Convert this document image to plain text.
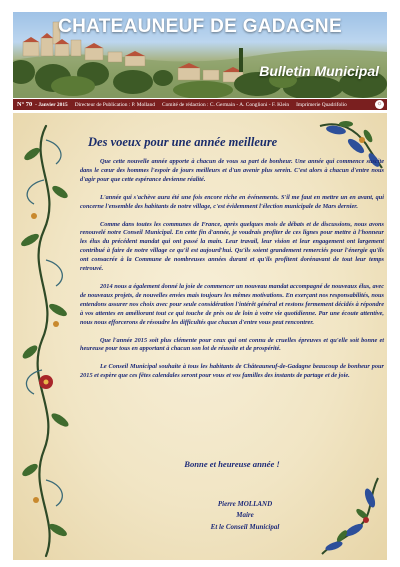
CHATEAUNEUF DE GADAGNE
Bulletin Municipal
N° 70 - Janvier 2015 Directeur de Publication : P. Molland Comité de rédaction : C. Germain - A. Conglioni - F. Klein Imprimerie Quadrifolio	☼
Des voeux pour une année meilleure

Que cette nouvelle année apporte à chacun de vous sa part de bonheur. Une année qui commence suscite dans le cœur des hommes l'espoir de jours meilleurs et d'un avenir plus serein. C'est alors à chacun d'entre nous d'agir pour que cette espérance devienne réalité.

L'année qui s'achève aura été une fois encore riche en événements. S'il me faut en mettre un en avant, qui concerne l'ensemble des habitants de notre village, c'est évidemment l'élection municipale de Mars dernier.

Comme dans toutes les communes de France, après quelques mois de débats et de discussions, nous avons renouvelé notre Conseil Municipal. En cette fin d'année, je voudrais profiter de ces lignes pour mettre à l'honneur les élus du précédent mandat qui ont passé la main. Leur travail, leur vision et leur engagement ont largement contribué à faire de notre village ce qu'il est aujourd'hui. Qu'ils soient grandement remerciés pour l'énergie qu'ils ont consacrée à la Commune de nombreuses années durant et qu'ils profitent dorénavant de tout leur temps retrouvé.

2014 nous a également donné la joie de commencer un nouveau mandat accompagné de nouveaux élus, avec de nouveaux projets, de nouvelles envies mais toujours les mêmes motivations. En exerçant nos responsabilités, nous entendons assurer nos choix avec pour seule considération l'intérêt général et restons fermement décidés à répondre à vos attentes en améliorant tout ce qui touche de près ou de loin à votre vie quotidienne. Par une écoute attentive, nous nous efforcerons de résoudre les difficultés que chacun d'entre vous peut rencontrer.

Que l'année 2015 soit plus clémente pour ceux qui ont connu de cruelles épreuves et qu'elle soit bonne et heureuse pour tous en apportant à chacun son lot de réussite et de prospérité.

Le Conseil Municipal souhaite à tous les habitants de Châteauneuf-de-Gadagne beaucoup de bonheur pour 2015 et espère que ces fêtes calendales seront pour vous et vos familles des instants de partage et de joie.

Bonne et heureuse année !
Pierre MOLLAND
Maire
Et le Conseil Municipal
